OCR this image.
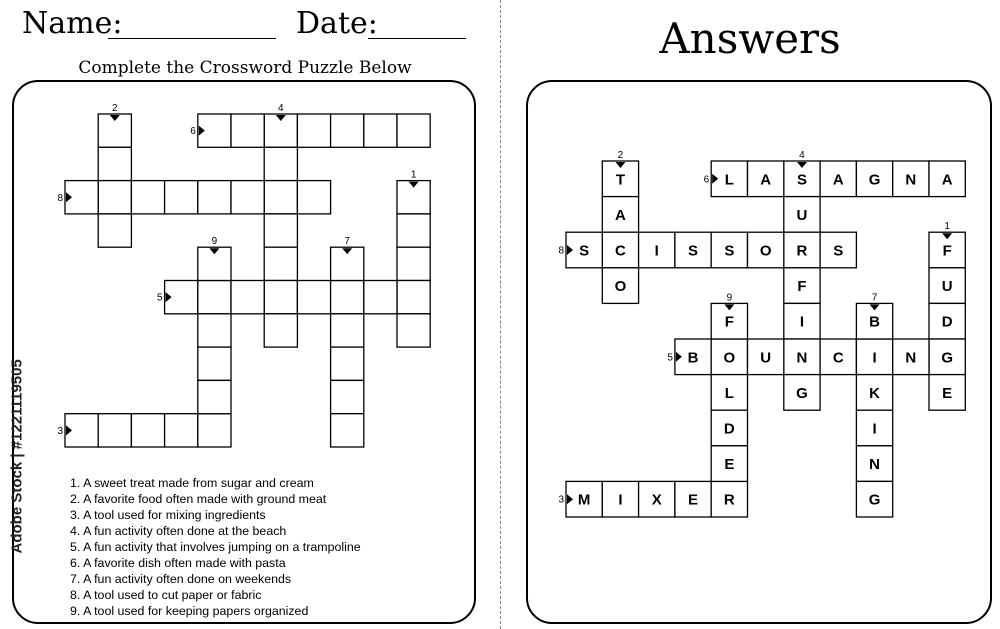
Name:	Date:
Complete the Crossword Puzzle Below
Answers
1
2
3
4
5
6
7
8
9
F
U
D
G
E
T
A
C
O
M I X E R
S
U
R
F
I
N
G
B O U	C I N
L A	A G N A
B
K
I
N
G
S	I S S O	S
F
L
D
E
1
2
3
4
5
6
7
8
9
1. A sweet treat made from sugar and cream
2. A favorite food often made with ground meat
3. A tool used for mixing ingredients
4. A fun activity often done at the beach
5. A fun activity that involves jumping on a trampoline
6. A favorite dish often made with pasta
7. A fun activity often done on weekends
8. A tool used to cut paper or fabric
9. A tool used for keeping papers organized
Adobe Stock | #1221119505
